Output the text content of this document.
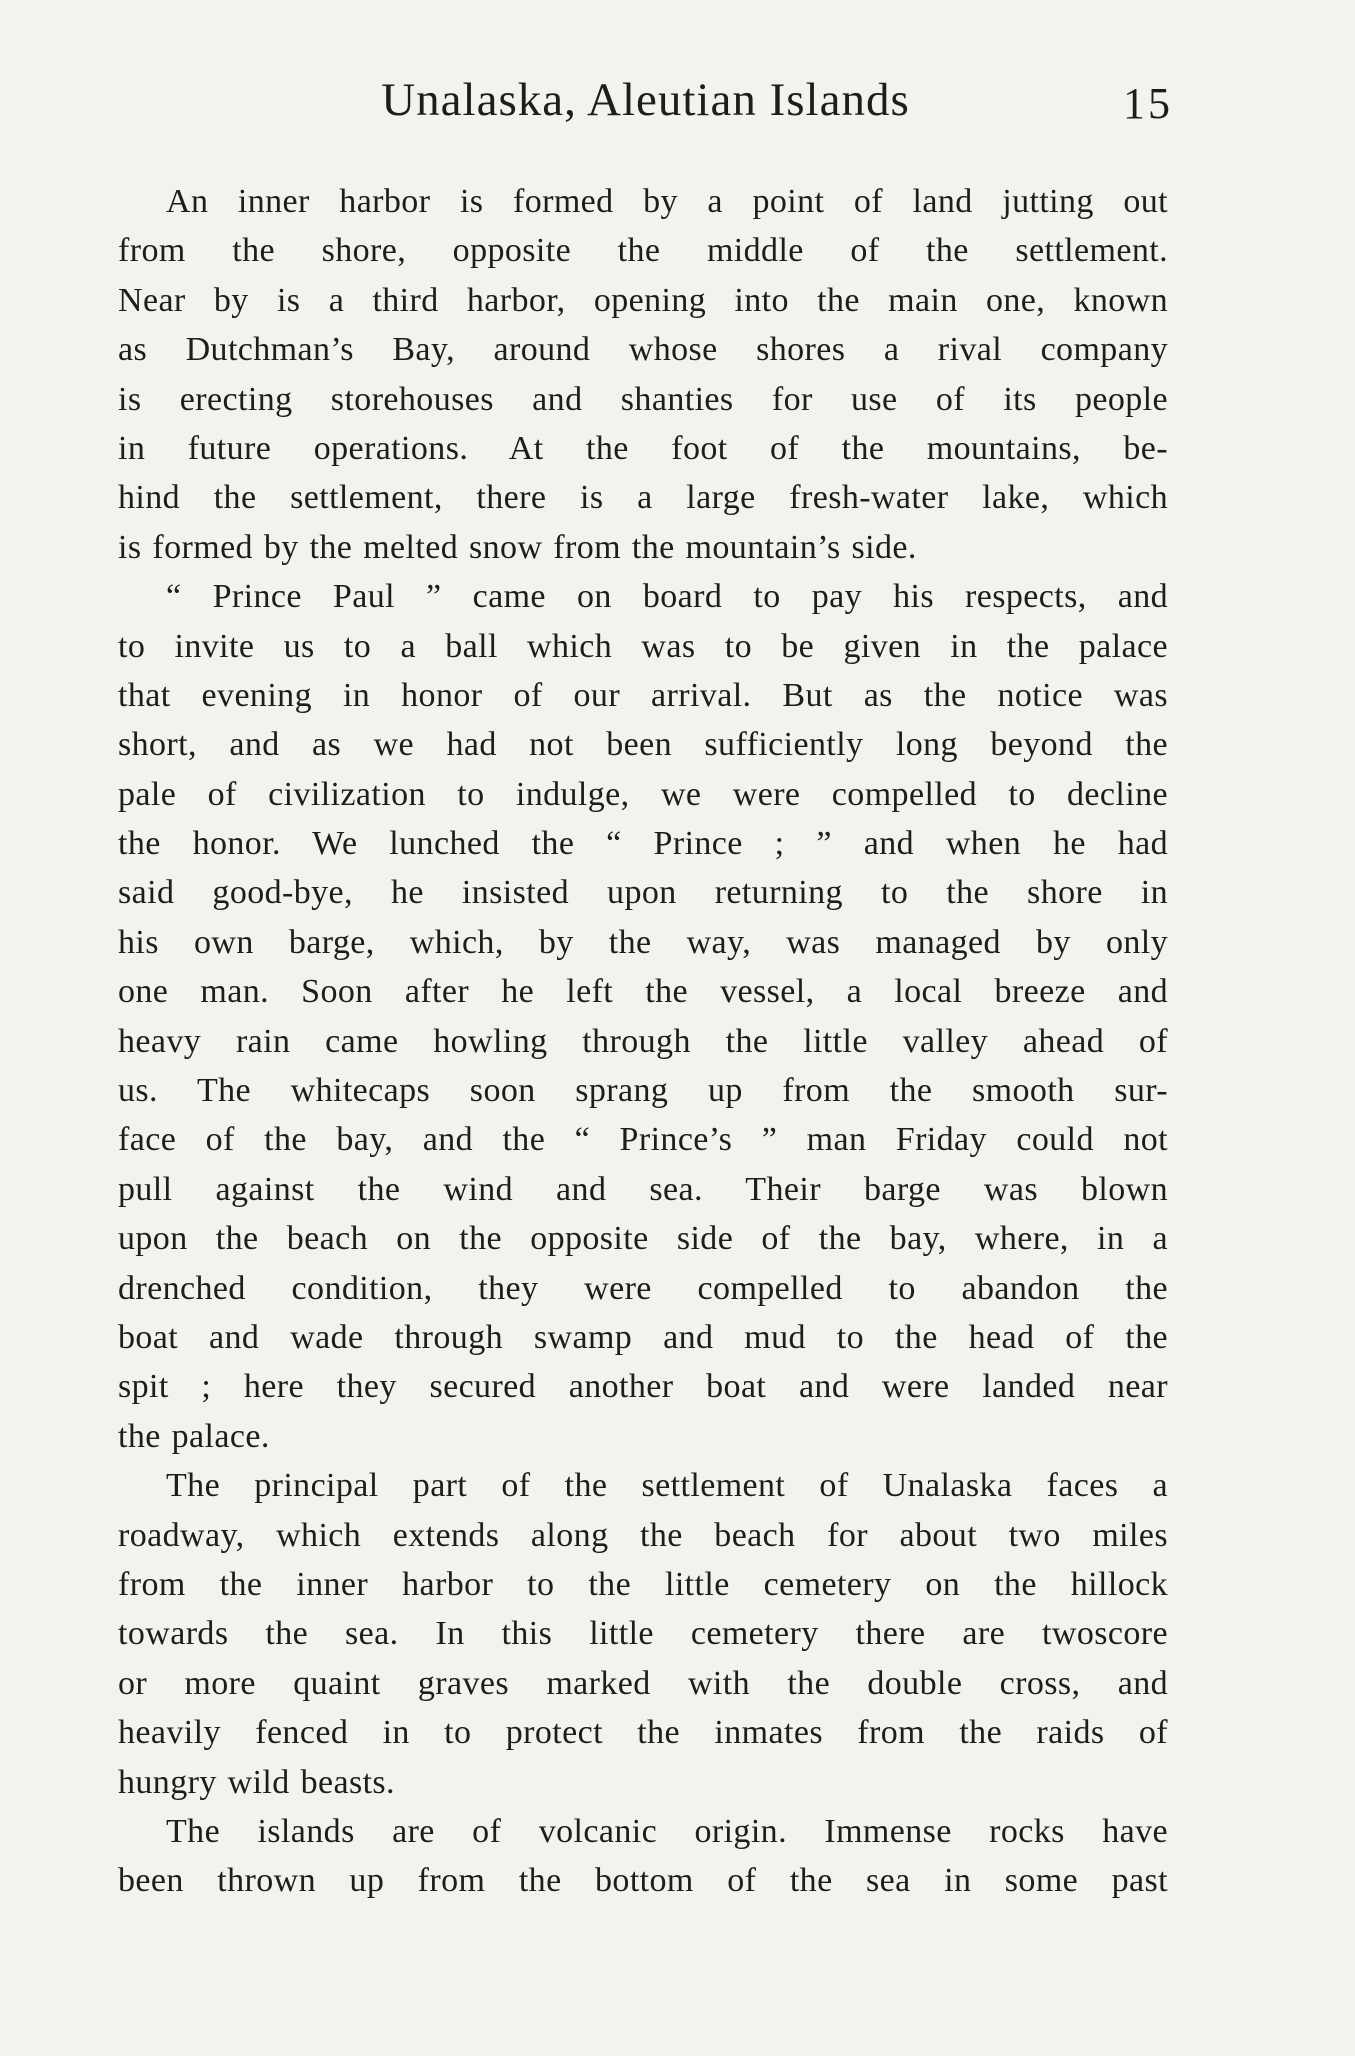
Unalaska, Aleutian Islands	15
An inner harbor is formed by a point of land jutting out
from the shore, opposite the middle of the settlement.
Near by is a third harbor, opening into the main one, known
as Dutchman’s Bay, around whose shores a rival company
is erecting storehouses and shanties for use of its people
in future operations. At the foot of the mountains, be-
hind the settlement, there is a large fresh-water lake, which
is formed by the melted snow from the mountain’s side.
“ Prince Paul ” came on board to pay his respects, and
to invite us to a ball which was to be given in the palace
that evening in honor of our arrival. But as the notice was
short, and as we had not been sufficiently long beyond the
pale of civilization to indulge, we were compelled to decline
the honor. We lunched the “ Prince ; ” and when he had
said good-bye, he insisted upon returning to the shore in
his own barge, which, by the way, was managed by only
one man. Soon after he left the vessel, a local breeze and
heavy rain came howling through the little valley ahead of
us. The whitecaps soon sprang up from the smooth sur-
face of the bay, and the “ Prince’s ” man Friday could not
pull against the wind and sea. Their barge was blown
upon the beach on the opposite side of the bay, where, in a
drenched condition, they were compelled to abandon the
boat and wade through swamp and mud to the head of the
spit ; here they secured another boat and were landed near
the palace.
The principal part of the settlement of Unalaska faces a
roadway, which extends along the beach for about two miles
from the inner harbor to the little cemetery on the hillock
towards the sea. In this little cemetery there are twoscore
or more quaint graves marked with the double cross, and
heavily fenced in to protect the inmates from the raids of
hungry wild beasts.
The islands are of volcanic origin. Immense rocks have
been thrown up from the bottom of the sea in some past
